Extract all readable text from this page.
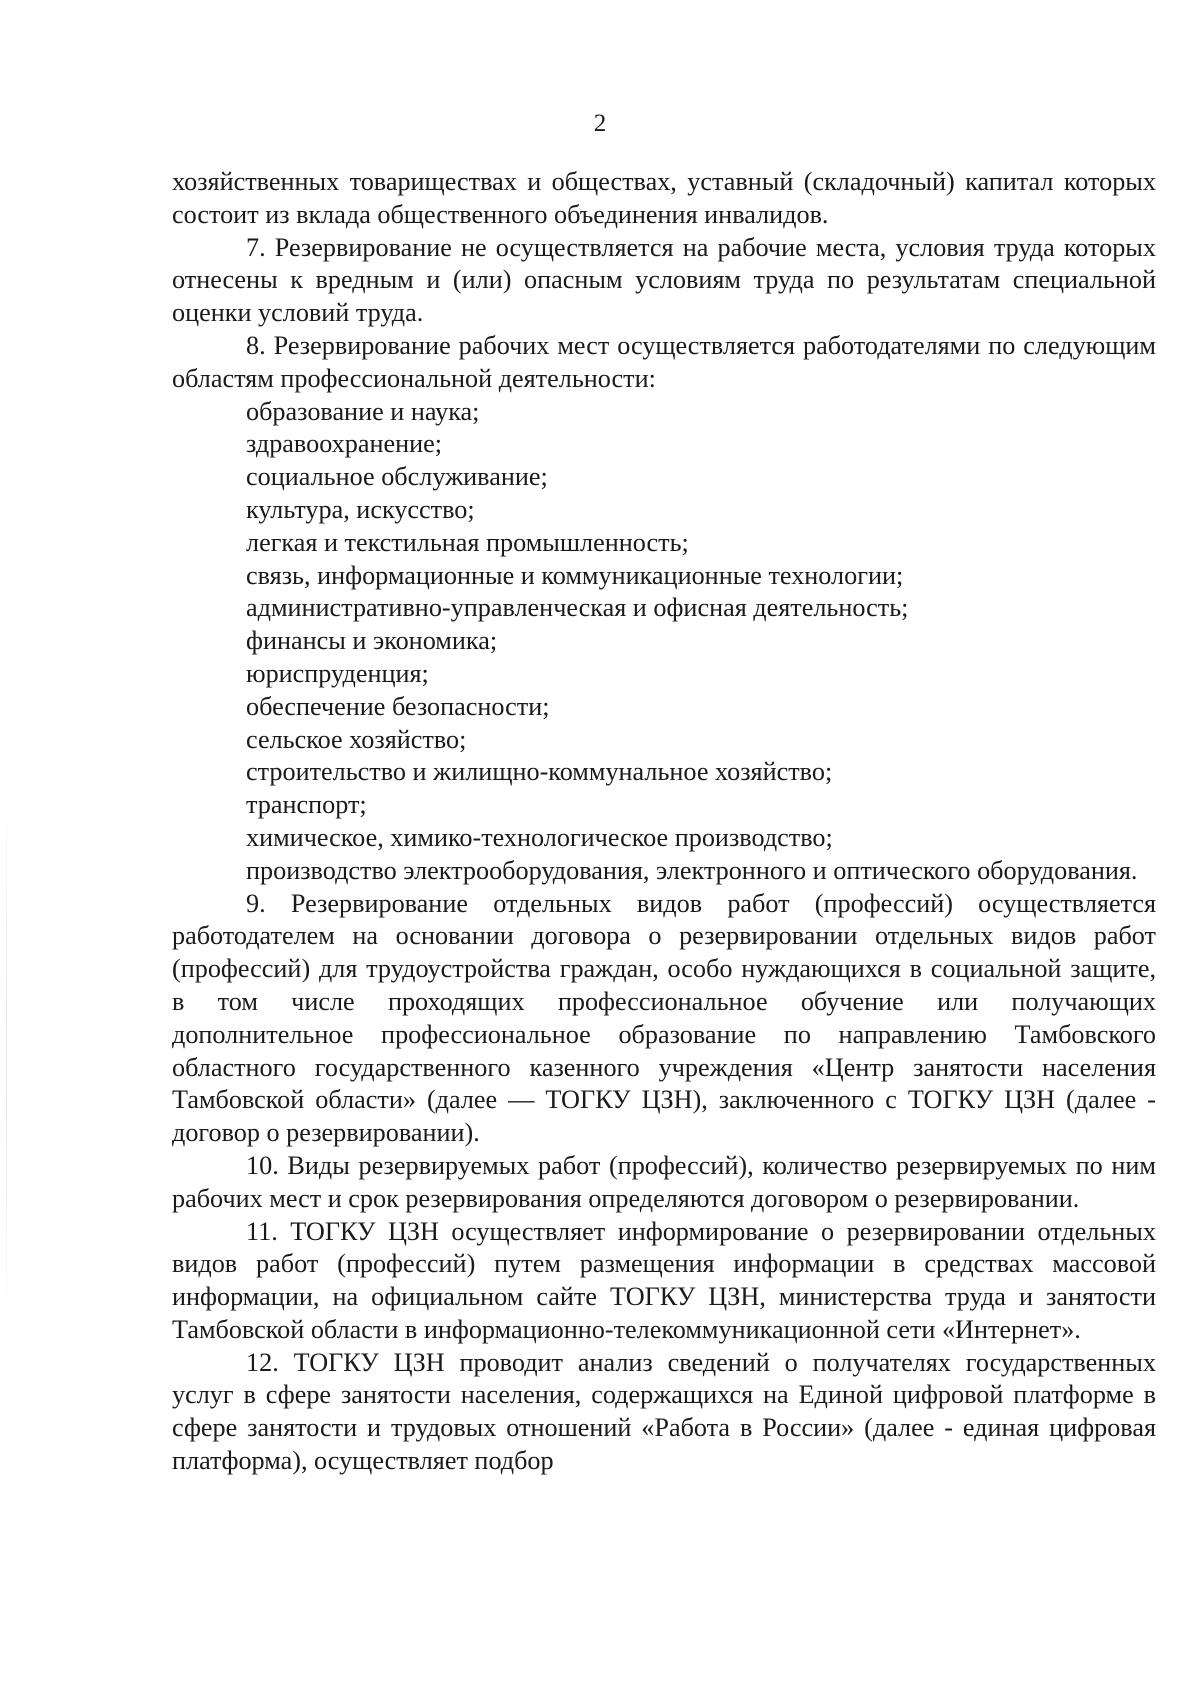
2

хозяйственных товариществах и обществах, уставный (складочный) капитал которых состоит из вклада общественного объединения инвалидов.

7. Резервирование не осуществляется на рабочие места, условия труда которых отнесены к вредным и (или) опасным условиям труда по результатам специальной оценки условий труда.

8. Резервирование рабочих мест осуществляется работодателями по следующим областям профессиональной деятельности:

образование и наука;

здравоохранение;

социальное обслуживание;

культура, искусство;

легкая и текстильная промышленность;

связь, информационные и коммуникационные технологии;

административно-управленческая и офисная деятельность;

финансы и экономика;

юриспруденция;

обеспечение безопасности;

сельское хозяйство;

строительство и жилищно-коммунальное хозяйство;

транспорт;

химическое, химико-технологическое производство;

производство электрооборудования, электронного и оптического оборудования.

9. Резервирование отдельных видов работ (профессий) осуществляется работодателем на основании договора о резервировании отдельных видов работ (профессий) для трудоустройства граждан, особо нуждающихся в социальной защите, в том числе проходящих профессиональное обучение или получающих дополнительное профессиональное образование по направлению Тамбовского областного государственного казенного учреждения «Центр занятости населения Тамбовской области» (далее — ТОГКУ ЦЗН), заключенного с ТОГКУ ЦЗН (далее - договор о резервировании).

10. Виды резервируемых работ (профессий), количество резервируемых по ним рабочих мест и срок резервирования определяются договором о резервировании.

11. ТОГКУ ЦЗН осуществляет информирование о резервировании отдельных видов работ (профессий) путем размещения информации в средствах массовой информации, на официальном сайте ТОГКУ ЦЗН, министерства труда и занятости Тамбовской области в информационно-телекоммуникационной сети «Интернет».

12. ТОГКУ ЦЗН проводит анализ сведений о получателях государственных услуг в сфере занятости населения, содержащихся на Единой цифровой платформе в сфере занятости и трудовых отношений «Работа в России» (далее - единая цифровая платформа), осуществляет подбор
